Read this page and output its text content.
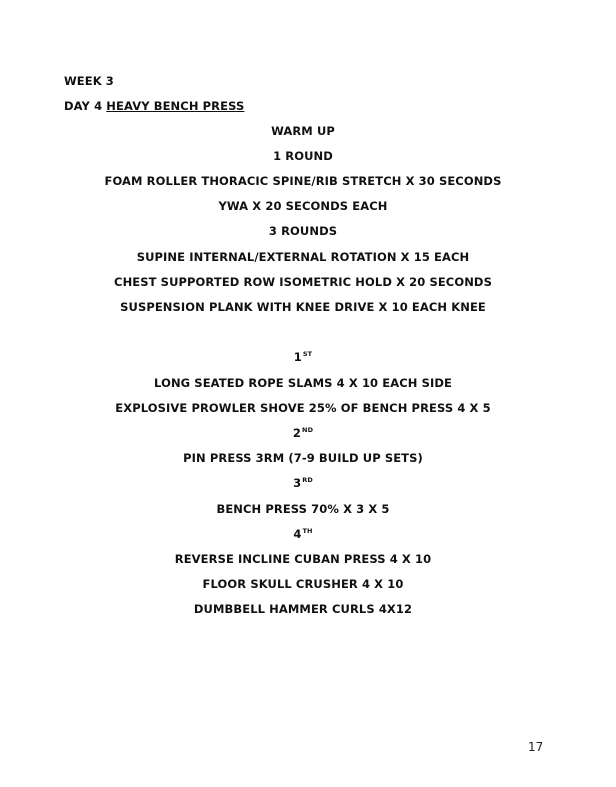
WEEK 3
DAY 4 HEAVY BENCH PRESS
WARM UP
1 ROUND
FOAM ROLLER THORACIC SPINE/RIB STRETCH X 30 SECONDS
YWA X 20 SECONDS EACH
3 ROUNDS
SUPINE INTERNAL/EXTERNAL ROTATION X 15 EACH
CHEST SUPPORTED ROW ISOMETRIC HOLD X 20 SECONDS
SUSPENSION PLANK WITH KNEE DRIVE X 10 EACH KNEE
1ST
LONG SEATED ROPE SLAMS 4 X 10 EACH SIDE
EXPLOSIVE PROWLER SHOVE 25% OF BENCH PRESS 4 X 5
2ND
PIN PRESS 3RM (7-9 BUILD UP SETS)
3RD
BENCH PRESS 70% X 3 X 5
4TH
REVERSE INCLINE CUBAN PRESS 4 X 10
FLOOR SKULL CRUSHER 4 X 10
DUMBBELL HAMMER CURLS 4X12
17
